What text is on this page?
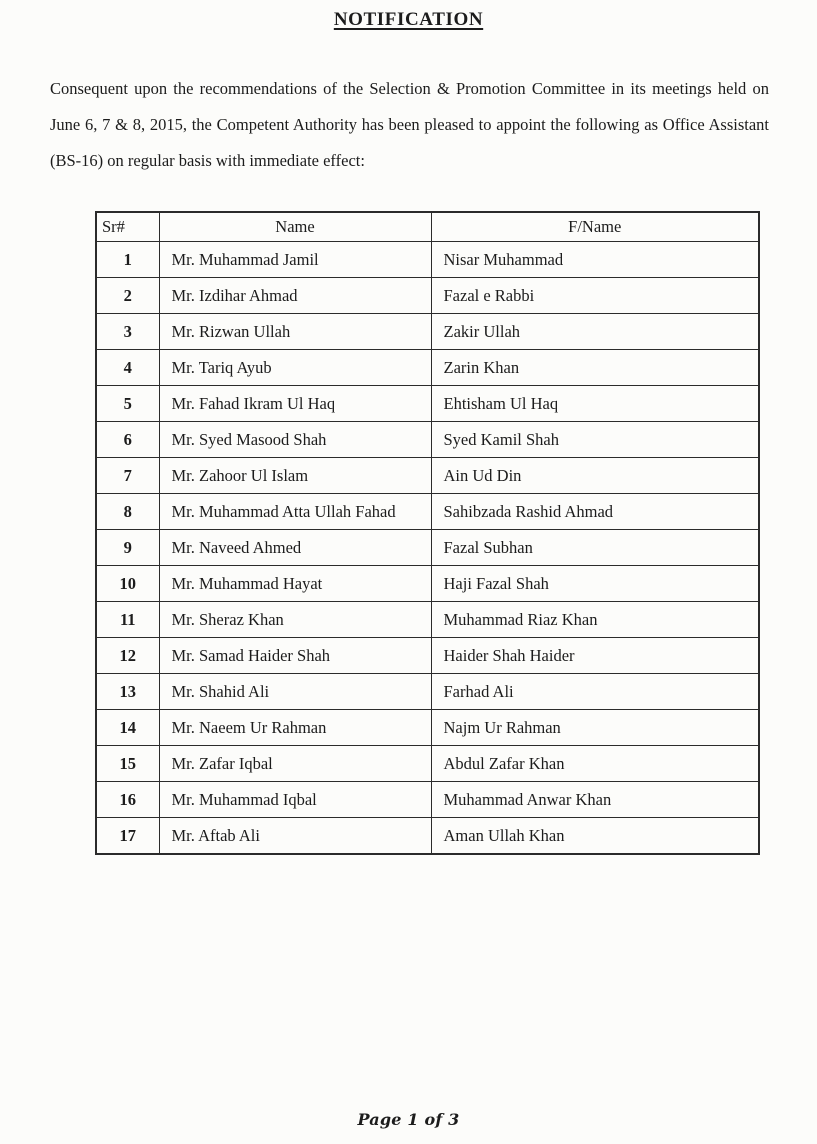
NOTIFICATION

Consequent upon the recommendations of the Selection & Promotion Committee in its meetings held on June 6, 7 & 8, 2015, the Competent Authority has been pleased to appoint the following as Office Assistant (BS-16) on regular basis with immediate effect:

Sr#	Name	F/Name
1	Mr. Muhammad Jamil	Nisar Muhammad
2	Mr. Izdihar Ahmad	Fazal e Rabbi
3	Mr. Rizwan Ullah	Zakir Ullah
4	Mr. Tariq Ayub	Zarin Khan
5	Mr. Fahad Ikram Ul Haq	Ehtisham Ul Haq
6	Mr. Syed Masood Shah	Syed Kamil Shah
7	Mr. Zahoor Ul Islam	Ain Ud Din
8	Mr. Muhammad Atta Ullah Fahad	Sahibzada Rashid Ahmad
9	Mr. Naveed Ahmed	Fazal Subhan
10	Mr. Muhammad Hayat	Haji Fazal Shah
11	Mr. Sheraz Khan	Muhammad Riaz Khan
12	Mr. Samad Haider Shah	Haider Shah Haider
13	Mr. Shahid Ali	Farhad Ali
14	Mr. Naeem Ur Rahman	Najm Ur Rahman
15	Mr. Zafar Iqbal	Abdul Zafar Khan
16	Mr. Muhammad Iqbal	Muhammad Anwar Khan
17	Mr. Aftab Ali	Aman Ullah Khan
Page 1 of 3
